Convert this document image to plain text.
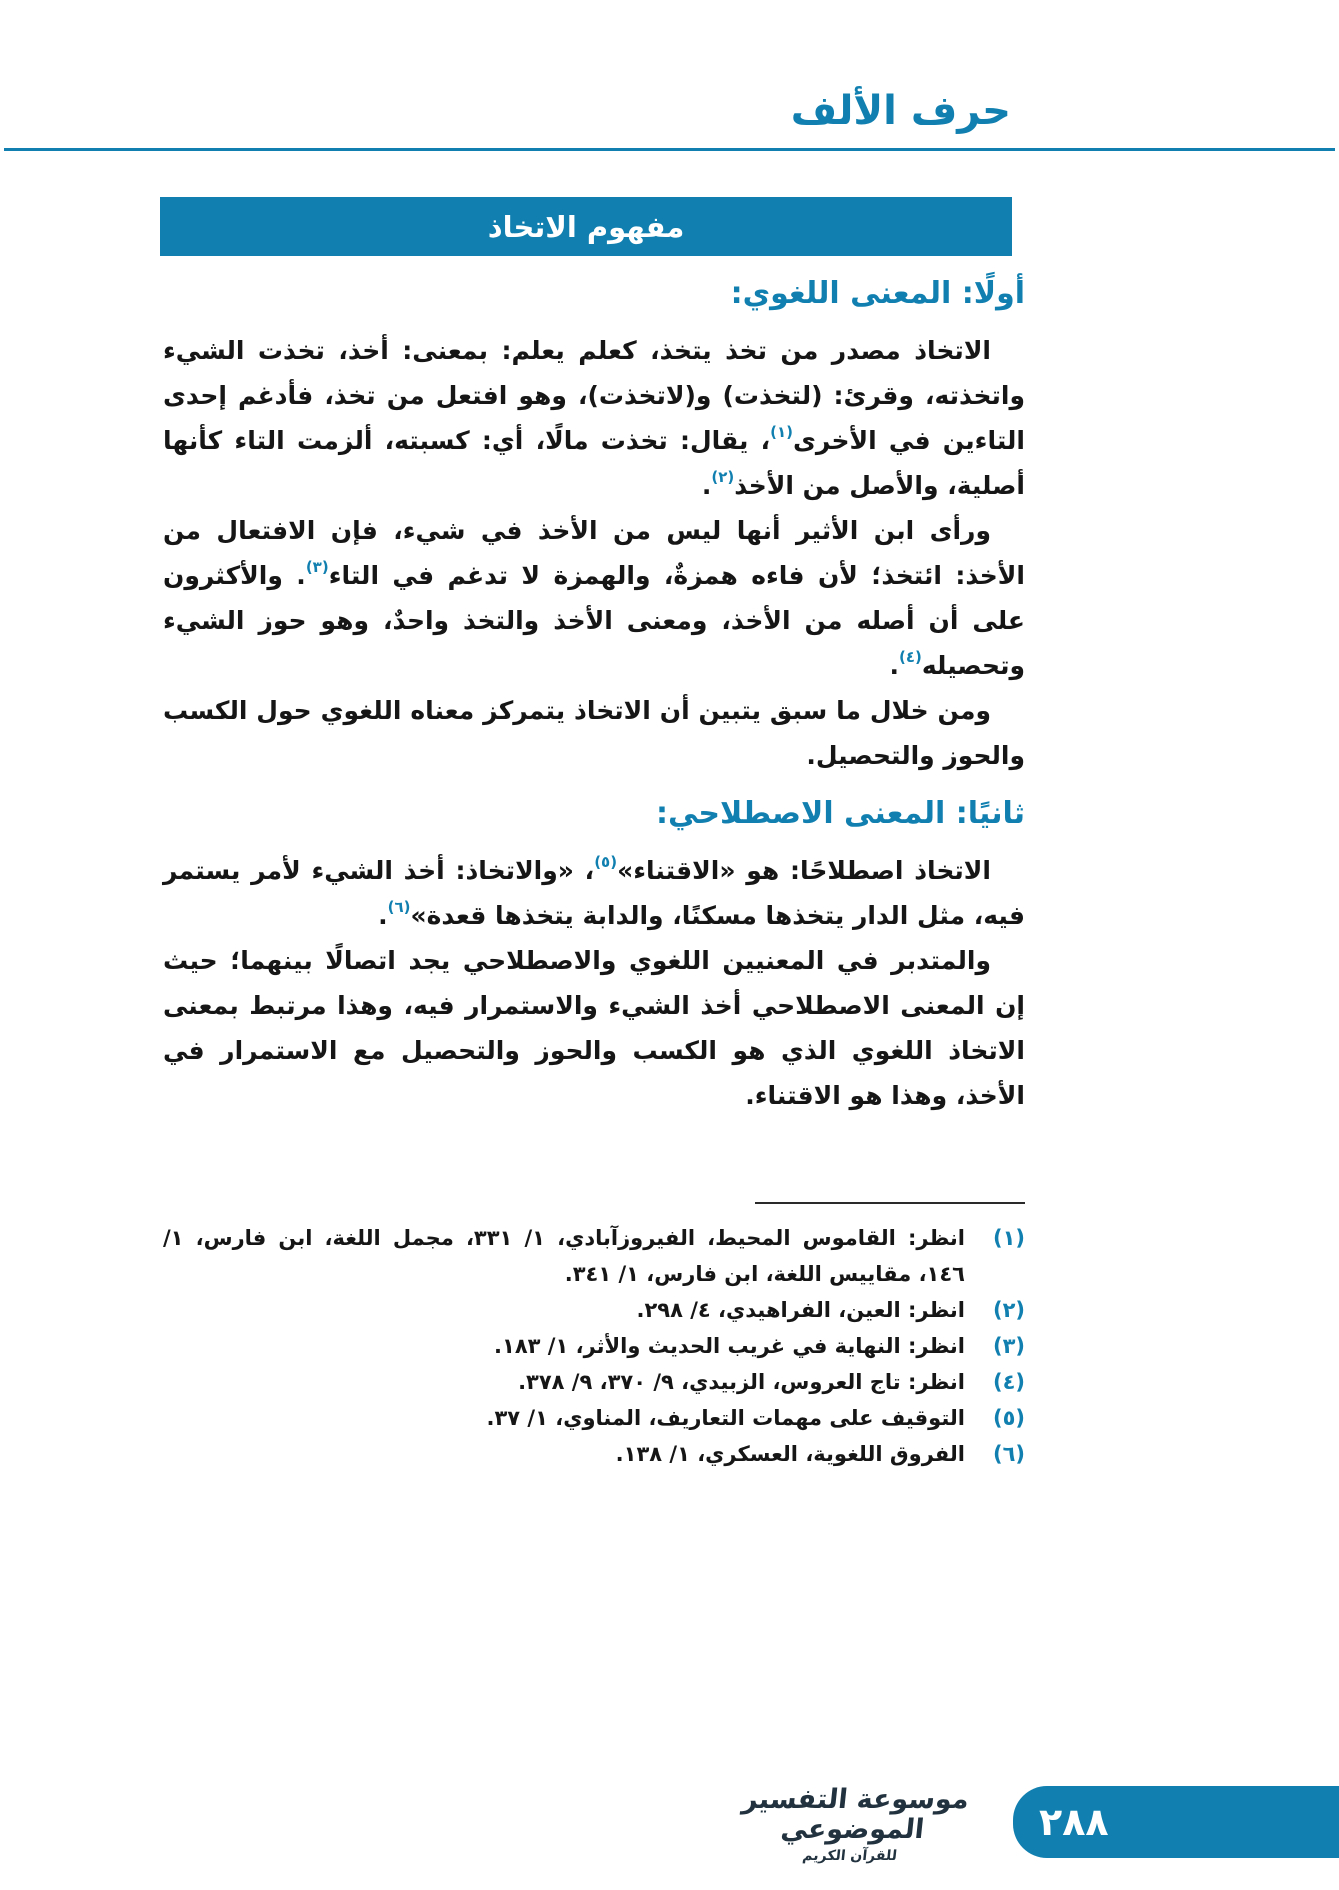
حرف الألف
مفهوم الاتخاذ
أولًا: المعنى اللغوي:

الاتخاذ مصدر من تخذ يتخذ، كعلم يعلم: بمعنى: أخذ، تخذت الشيء واتخذته، وقرئ: (لتخذت) و(لاتخذت)، وهو افتعل من تخذ، فأدغم إحدى التاءين في الأخرى$^{(١)}$، يقال: تخذت مالًا، أي: كسبته، ألزمت التاء كأنها أصلية، والأصل من الأخذ$^{(٢)}$.

ورأى ابن الأثير أنها ليس من الأخذ في شيء، فإن الافتعال من الأخذ: ائتخذ؛ لأن فاءه همزةٌ، والهمزة لا تدغم في التاء$^{(٣)}$. والأكثرون على أن أصله من الأخذ، ومعنى الأخذ والتخذ واحدٌ، وهو حوز الشيء وتحصيله$^{(٤)}$.

ومن خلال ما سبق يتبين أن الاتخاذ يتمركز معناه اللغوي حول الكسب والحوز والتحصيل.

ثانيًا: المعنى الاصطلاحي:

الاتخاذ اصطلاحًا: هو «الاقتناء»$^{(٥)}$، «والاتخاذ: أخذ الشيء لأمر يستمر فيه، مثل الدار يتخذها مسكنًا، والدابة يتخذها قعدة»$^{(٦)}$.

والمتدبر في المعنيين اللغوي والاصطلاحي يجد اتصالًا بينهما؛ حيث إن المعنى الاصطلاحي أخذ الشيء والاستمرار فيه، وهذا مرتبط بمعنى الاتخاذ اللغوي الذي هو الكسب والحوز والتحصيل مع الاستمرار في الأخذ، وهذا هو الاقتناء.

(١)انظر: القاموس المحيط، الفيروزآبادي، ١/ ٣٣١، مجمل اللغة، ابن فارس، ١/ ١٤٦، مقاييس اللغة، ابن فارس، ١/ ٣٤١.
(٢)انظر: العين، الفراهيدي، ٤/ ٢٩٨.
(٣)انظر: النهاية في غريب الحديث والأثر، ١/ ١٨٣.
(٤)انظر: تاج العروس، الزبيدي، ٩/ ٣٧٠، ٩/ ٣٧٨.
(٥)التوقيف على مهمات التعاريف، المناوي، ١/ ٣٧.
(٦)الفروق اللغوية، العسكري، ١/ ١٣٨.
موسوعة التفسير الموضوعي
للقرآن الكريم
٢٨٨
